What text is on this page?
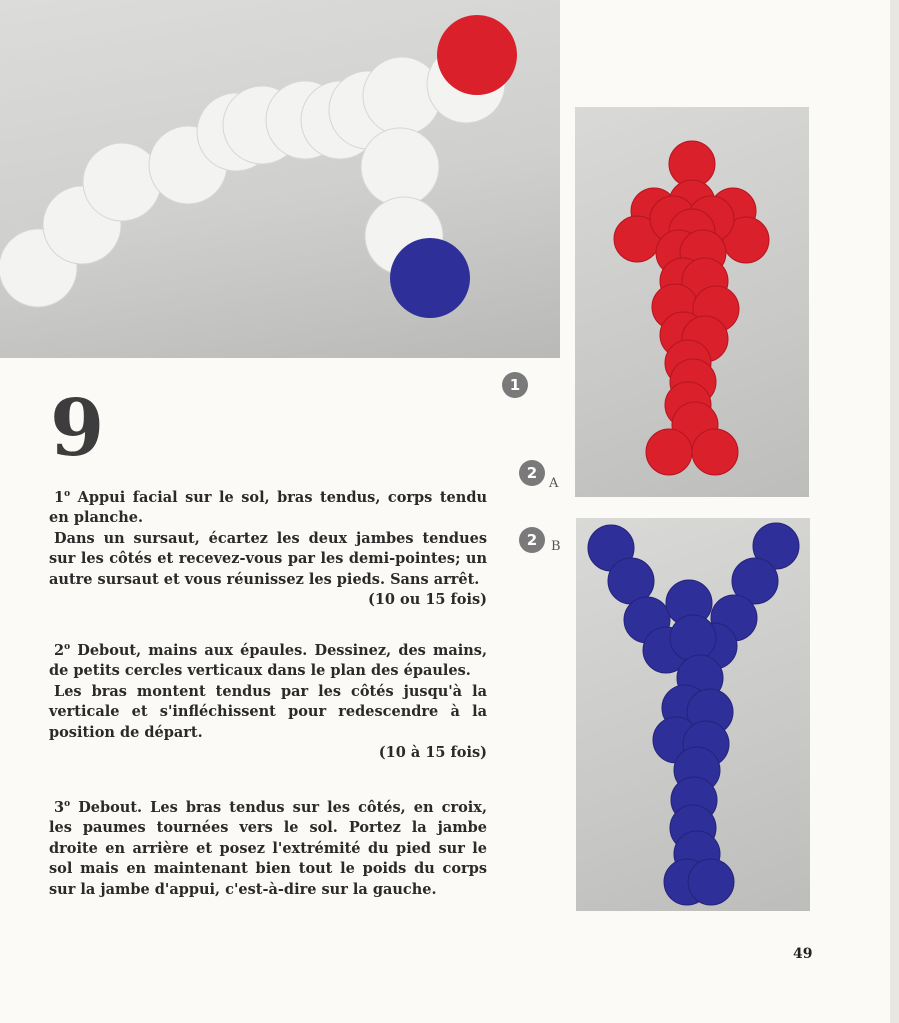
1
2
A
2	B
9

1$^o$ Appui facial sur le sol, bras tendus, corps tendu en planche.

Dans un sursaut, écartez les deux jambes tendues sur les côtés et recevez-vous par les demi-pointes; un autre sursaut et vous réunissez les pieds. Sans arrêt.

(10 ou 15 fois)

2$^o$ Debout, mains aux épaules. Dessinez, des mains, de petits cercles verticaux dans le plan des épaules.

Les bras montent tendus par les côtés jusqu'à la verticale et s'infléchissent pour redescendre à la position de départ.

(10 à 15 fois)

3$^o$ Debout. Les bras tendus sur les côtés, en croix, les paumes tournées vers le sol. Portez la jambe droite en arrière et posez l'extrémité du pied sur le sol mais en maintenant bien tout le poids du corps sur la jambe d'appui, c'est-à-dire sur la gauche.

49
